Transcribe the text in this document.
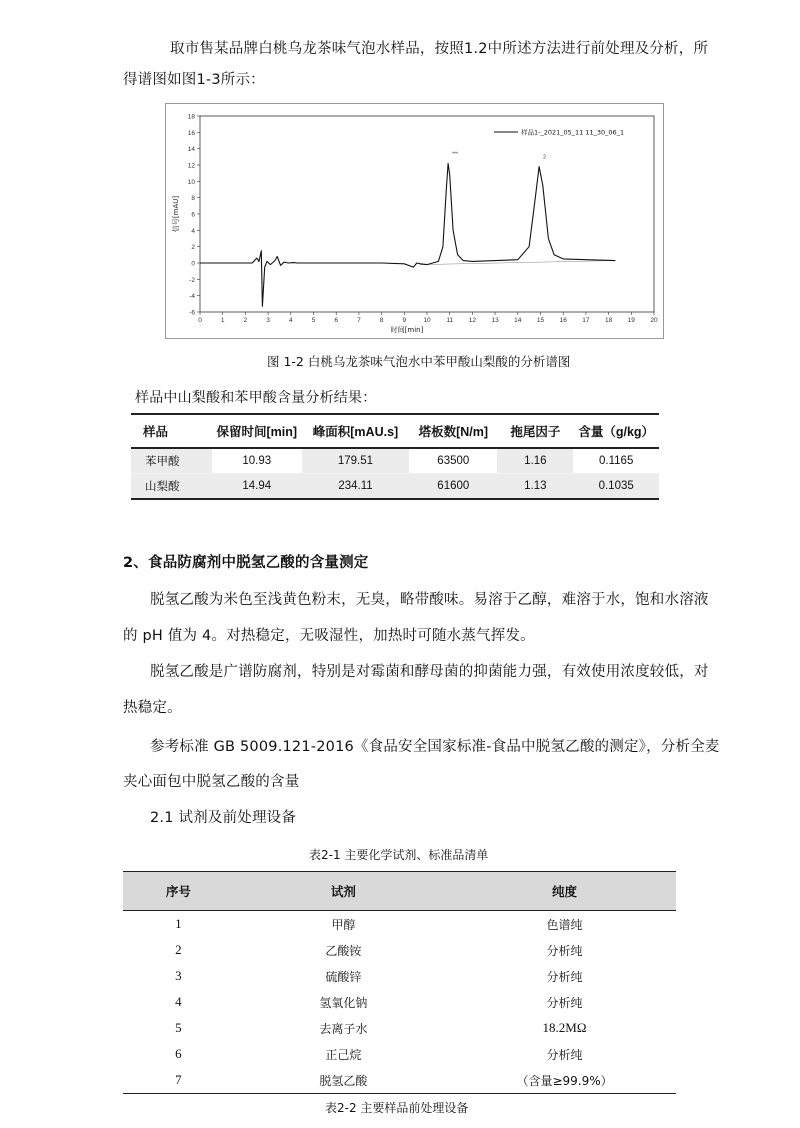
取市售某品牌白桃乌龙茶味气泡水样品，按照1.2中所述方法进行前处理及分析，所
得谱图如图1-3所示：
18
16
14
12
10
8
6
4
2
0
-2
-4
-6
0	1	2	3	4	5	6	7	8	9	10 11 12 13 14 15 16 17 18 19 20
时间[min]
信号[mAU]
***
2
样品1-_2021_05_11 11_30_06_1
图 1-2 白桃乌龙茶味气泡水中苯甲酸山梨酸的分析谱图
样品中山梨酸和苯甲酸含量分析结果：
样品	保留时间[min]	峰面积[mAU.s]	塔板数[N/m]	拖尾因子	含量（g/kg）
苯甲酸	10.93	179.51	63500	1.16	0.1165
山梨酸	14.94	234.11	61600	1.13	0.1035
2、食品防腐剂中脱氢乙酸的含量测定
脱氢乙酸为米色至浅黄色粉末，无臭，略带酸味。易溶于乙醇，难溶于水，饱和水溶液
的 pH 值为 4。对热稳定，无吸湿性，加热时可随水蒸气挥发。
脱氢乙酸是广谱防腐剂，特别是对霉菌和酵母菌的抑菌能力强，有效使用浓度较低，对
热稳定。
参考标准 GB 5009.121-2016《食品安全国家标准-食品中脱氢乙酸的测定》，分析全麦
夹心面包中脱氢乙酸的含量
2.1 试剂及前处理设备
表2-1 主要化学试剂、标准品清单
序号	试剂	纯度
1	甲醇	色谱纯
2	乙酸铵	分析纯
3	硫酸锌	分析纯
4	氢氧化钠	分析纯
5	去离子水	18.2MΩ
6	正己烷	分析纯
7	脱氢乙酸	（含量≥99.9%）
表2-2 主要样品前处理设备
